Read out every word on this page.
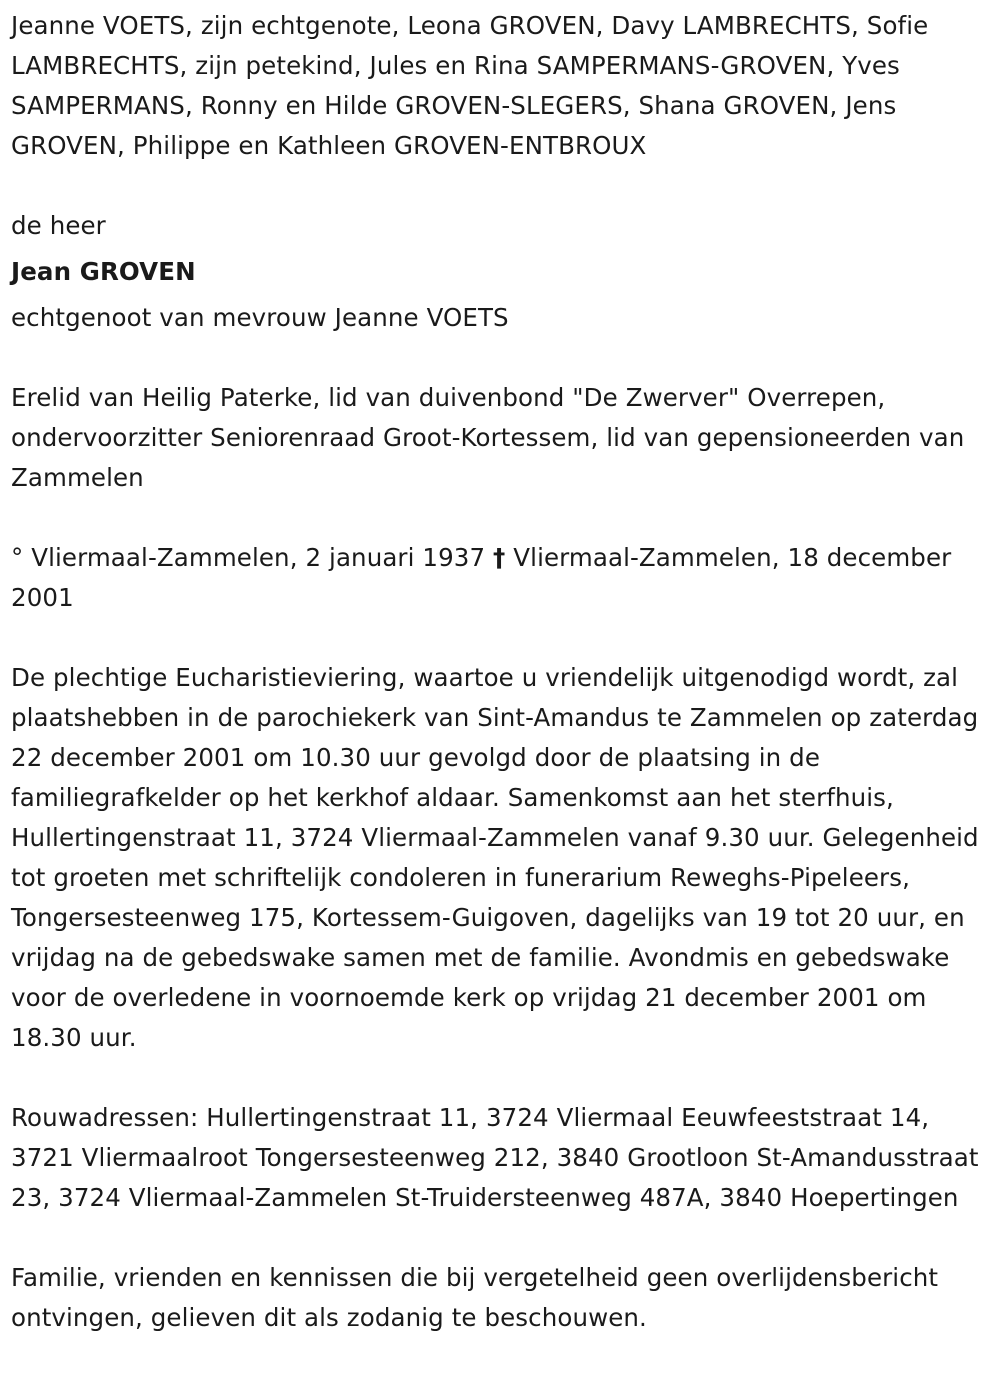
Jeanne VOETS, zijn echtgenote, Leona GROVEN, Davy LAMBRECHTS, Sofie LAMBRECHTS, zijn petekind, Jules en Rina SAMPERMANS-GROVEN, Yves SAMPERMANS, Ronny en Hilde GROVEN-SLEGERS, Shana GROVEN, Jens GROVEN, Philippe en Kathleen GROVEN-ENTBROUX

de heer

Jean GROVEN

echtgenoot van mevrouw Jeanne VOETS

Erelid van Heilig Paterke, lid van duivenbond "De Zwerver" Overrepen, ondervoorzitter Seniorenraad Groot-Kortessem, lid van gepensioneerden van Zammelen

° Vliermaal-Zammelen, 2 januari 1937 † Vliermaal-Zammelen, 18 december 2001

De plechtige Eucharistieviering, waartoe u vriendelijk uitgenodigd wordt, zal plaatshebben in de parochiekerk van Sint-Amandus te Zammelen op zaterdag 22 december 2001 om 10.30 uur gevolgd door de plaatsing in de familiegrafkelder op het kerkhof aldaar. Samenkomst aan het sterfhuis, Hullertingenstraat 11, 3724 Vliermaal-Zammelen vanaf 9.30 uur. Gelegenheid tot groeten met schriftelijk condoleren in funerarium Reweghs-Pipeleers, Tongersesteenweg 175, Kortessem-Guigoven, dagelijks van 19 tot 20 uur, en vrijdag na de gebedswake samen met de familie. Avondmis en gebedswake voor de overledene in voornoemde kerk op vrijdag 21 december 2001 om 18.30 uur.

Rouwadressen: Hullertingenstraat 11, 3724 Vliermaal Eeuwfeeststraat 14, 3721 Vliermaalroot Tongersesteenweg 212, 3840 Grootloon St-Amandusstraat 23, 3724 Vliermaal-Zammelen St-Truidersteenweg 487A, 3840 Hoepertingen

Familie, vrienden en kennissen die bij vergetelheid geen overlijdensbericht ontvingen, gelieven dit als zodanig te beschouwen.
